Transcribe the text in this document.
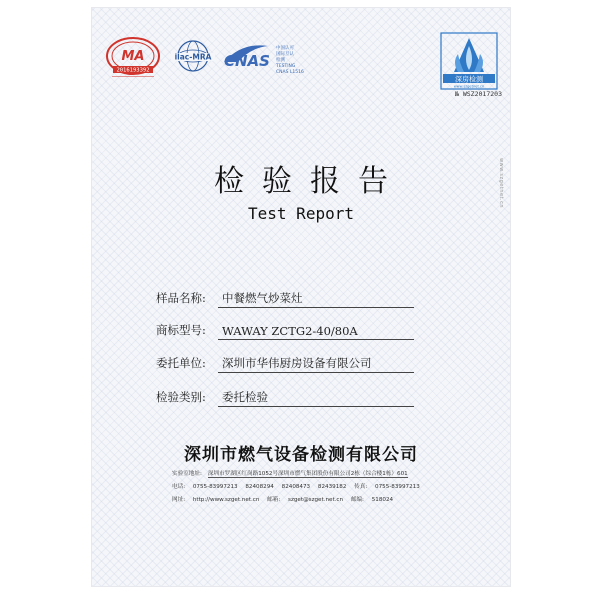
MA
2016193392
ilac-MRA CNAS
中国认可
国际互认
检测
TESTING
CNAS L1516
深房检测
www.szgetnet.cn
№ WSZ2017203
www.szgetnet.cn
检验报告
Test Report
样品名称: 中餐燃气炒菜灶
商标型号: WAWAY ZCTG2-40/80A
委托单位: 深圳市华伟厨房设备有限公司
检验类别: 委托检验
深圳市燃气设备检测有限公司
实验室地址: 深圳市罗湖区红岗路1052号深圳市燃气集团股份有限公司2栋（综合楼1栋）601
电话: 0755-83997213 82408294 82408473 82439182 传真: 0755-83997213
网址: http://www.szget.net.cn 邮箱: szget@szget.net.cn 邮编: 518024
